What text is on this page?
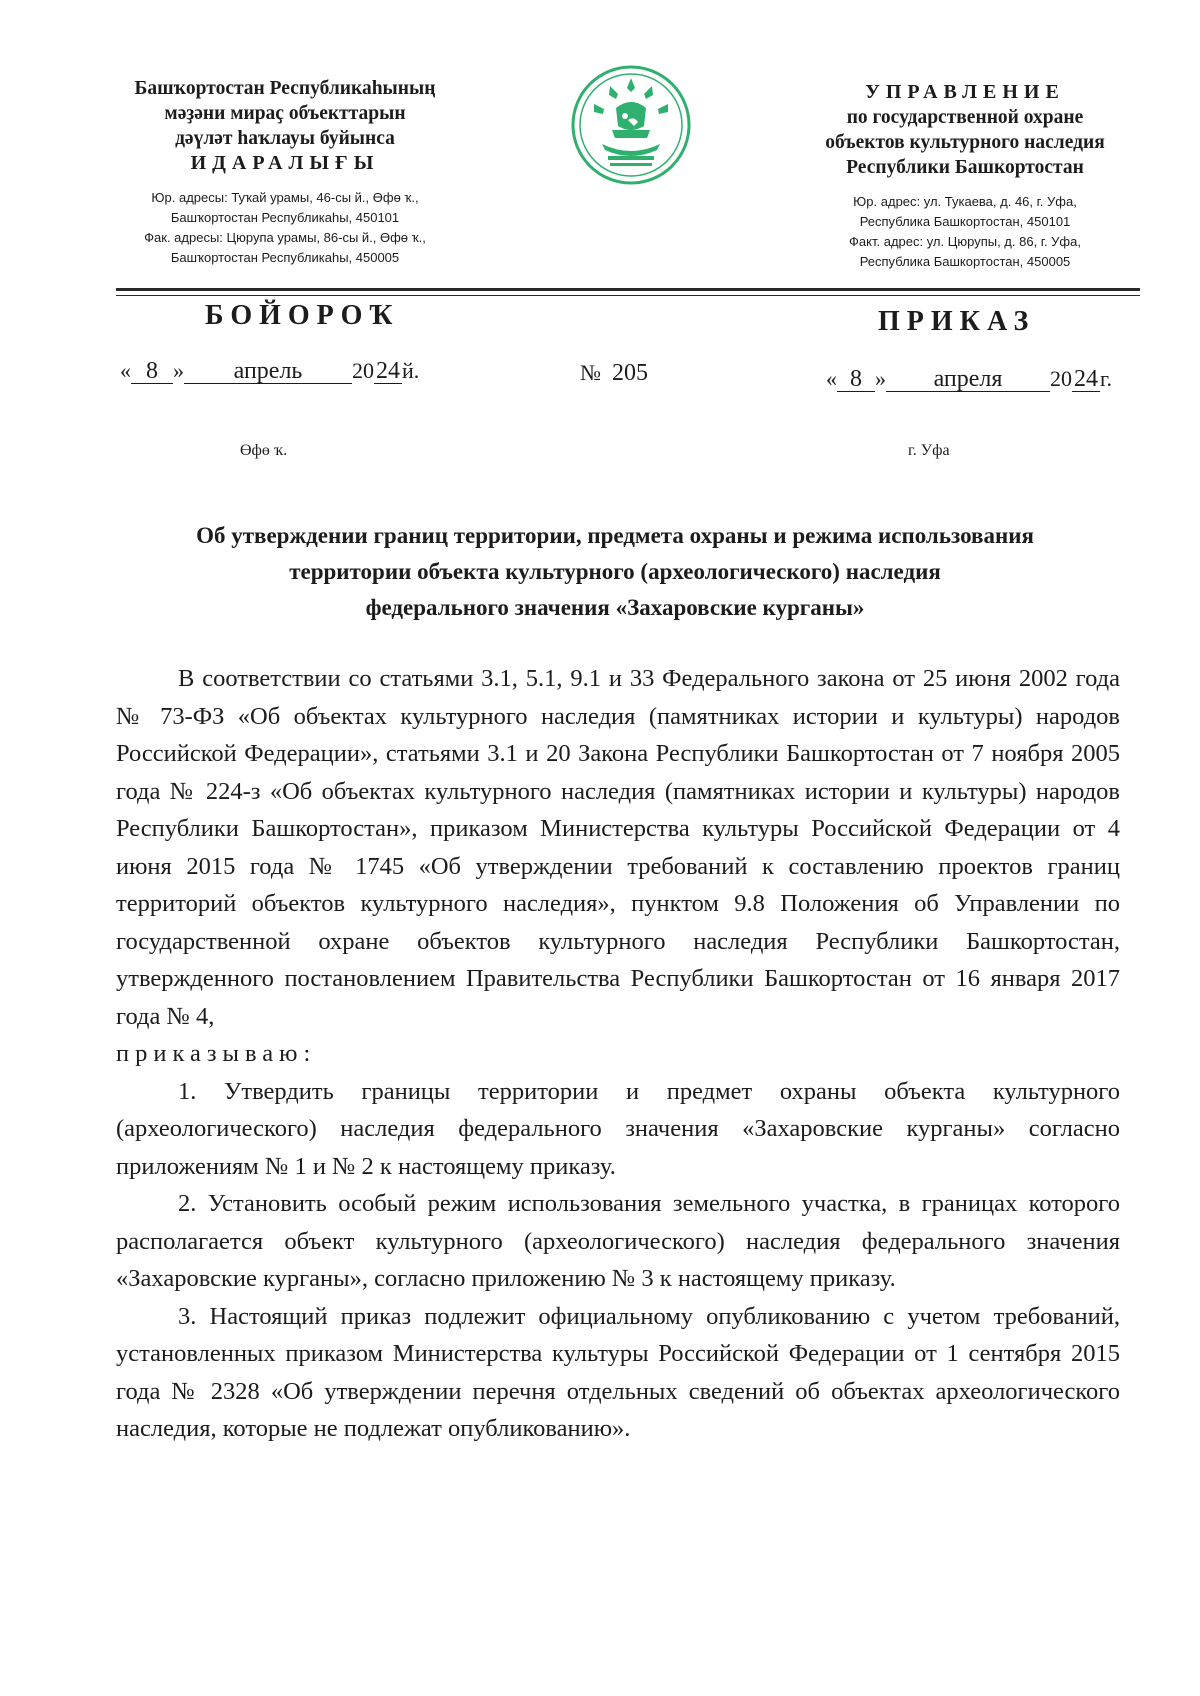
Башҡортостан Республикаһының
мәҙәни мираҫ объекттарын
дәүләт һаҡлауы буйынса
ИДАРАЛЫҒЫ
Юр. адресы: Туҡай урамы, 46-сы й., Өфө ҡ.,
Башҡортостан Республикаһы, 450101
Фак. адресы: Цюрупа урамы, 86-сы й., Өфө ҡ.,
Башҡортостан Республикаһы, 450005
УПРАВЛЕНИЕ
по государственной охране
объектов культурного наследия
Республики Башкортостан
Юр. адрес: ул. Тукаева, д. 46, г. Уфа,
Республика Башкортостан, 450101
Факт. адрес: ул. Цюрупы, д. 86, г. Уфа,
Республика Башкортостан, 450005
БОЙОРОҠ	ПРИКАЗ
« 8 » апрель 2024й.	№ 205	« 8 » апреля 2024г.
Өфө ҡ.	г. Уфа
Об утверждении границ территории, предмета охраны и режима использования
территории объекта культурного (археологического) наследия
федерального значения «Захаровские курганы»

В соответствии со статьями 3.1, 5.1, 9.1 и 33 Федерального закона от 25 июня 2002 года № 73-ФЗ «Об объектах культурного наследия (памятниках истории и культуры) народов Российской Федерации», статьями 3.1 и 20 Закона Республики Башкортостан от 7 ноября 2005 года № 224-з «Об объектах культурного наследия (памятниках истории и культуры) народов Республики Башкортостан», приказом Министерства культуры Российской Федерации от 4 июня 2015 года № 1745 «Об утверждении требований к составлению проектов границ территорий объектов культурного наследия», пунктом 9.8 Положения об Управлении по государственной охране объектов культурного наследия Республики Башкортостан, утвержденного постановлением Правительства Республики Башкортостан от 16 января 2017 года № 4,

приказываю:

1. Утвердить границы территории и предмет охраны объекта культурного (археологического) наследия федерального значения «Захаровские курганы» согласно приложениям № 1 и № 2 к настоящему приказу.

2. Установить особый режим использования земельного участка, в границах которого располагается объект культурного (археологического) наследия федерального значения «Захаровские курганы», согласно приложению № 3 к настоящему приказу.

3. Настоящий приказ подлежит официальному опубликованию с учетом требований, установленных приказом Министерства культуры Российской Федерации от 1 сентября 2015 года № 2328 «Об утверждении перечня отдельных сведений об объектах археологического наследия, которые не подлежат опубликованию».
